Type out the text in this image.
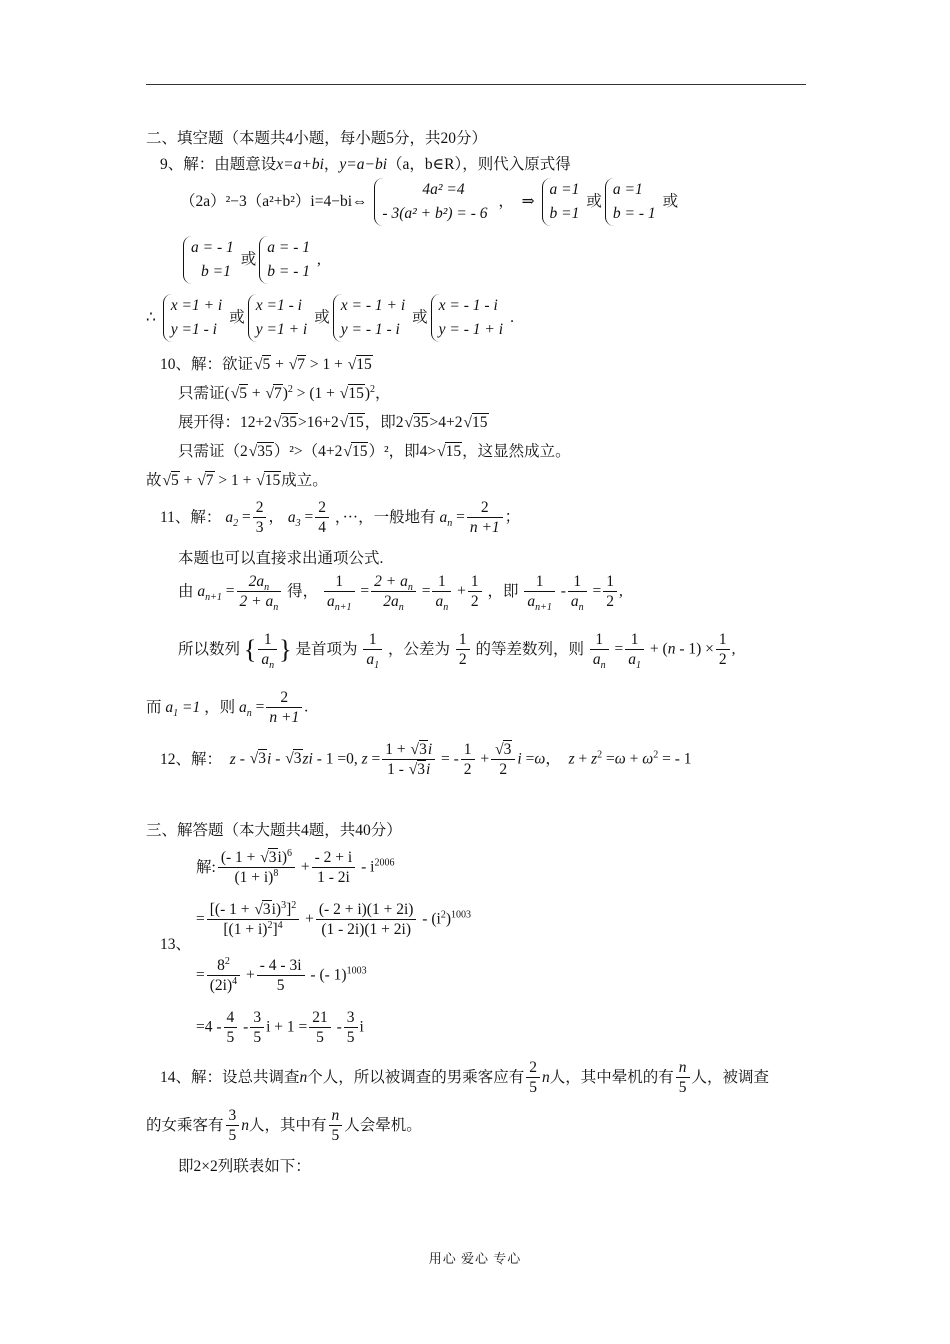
二、填空题（本题共4小题，每小题5分，共20分）
9、解：由题意设x=a+bi，y=a−bi（a，b∈R），则代入原式得
（2a）²−3（a²+b²）i=4−bi⇔
4a² =4
- 3(a² + b²) = - 6
，  ⇒
a =1
b =1
或
a =1
b = - 1
或
a = - 1
b =1
或
a = - 1
b = - 1
,
∴
x =1 + i
y =1 - i
或
x =1 - i
y =1 + i
或
x = - 1 + i
y = - 1 - i
或
x = - 1 - i
y = - 1 + i
.
10、解：欲证 √ 5 + √ 7 > 1 + √ 15
只需证( √ 5 + √ 7)$^2$ > (1 + √ 15)$^2$，
展开得：12+2 √ 35>16+2 √ 15，即2 √ 35>4+2 √ 15
只需证（2 √ 35）²>（4+2 √ 15）²，即4> √ 15，这显然成立。
故 √ 5 + √ 7 > 1 + √ 15成立。
11、解： $a_2 = \frac{2}{3}$ ， $a_3 = \frac{2}{4}$ ，···，一般地有 $a_n = \frac{2}{n +1}$ ；
本题也可以直接求出通项公式.
由 $a_{n+1} = \frac{2a_n}{2 + a_n}$ 得， $\frac{1}{a_{n+1}} = \frac{2 + a_n}{2a_n} = \frac{1}{a_n} + \frac{1}{2}$ ，即 $\frac{1}{a_{n+1}} - \frac{1}{a_n} = \frac{1}{2}$ ,
所以数列 { $\frac{1}{a_n}$ } 是首项为 $\frac{1}{a_1}$ ，公差为 $\frac{1}{2}$ 的等差数列，则 $\frac{1}{a_n} = \frac{1}{a_1} + (n - 1) \times \frac{1}{2}$ ,
而 $a_1 =1$ ，则 $a_n = \frac{2}{n +1}$ .
12、解： z - √ 3i - √ 3zi - 1 =0, $z = \frac{1 + √ 3i}{1 - √ 3i}$ = - $\frac{1}{2}$ + √ $\frac{3}{2}$ i =ω，  $z + z^2 =\omega + \omega^2$ = - 1
三、解答题（本大题共4题，共40分）
解: $\frac{(- 1 + √ 3i)^6}{(1 + i)^8} + \frac{- 2 + i}{1 - 2i} - i^{2006}$
= $\frac{[(- 1 + √ 3i)^3]^2}{[(1 + i)^2]^4} + \frac{(- 2 + i)(1 + 2i)}{(1 - 2i)(1 + 2i)} - (i^2)^{1003}$
13、
= $\frac{8^2}{(2i)^4} + \frac{- 4 - 3i}{5}$ - (- 1)$^{1003}$
$=4 - \frac{4}{5} - \frac{3}{5}$ $i + 1 = \frac{21}{5} - \frac{3}{5}$ i
14、解：设总共调查n个人，所以被调查的男乘客应有 $\frac{2}{5}$ n人，其中晕机的有 $\frac{n}{5}$ 人，被调查
的女乘客有 $\frac{3}{5}$ n人，其中有 $\frac{n}{5}$ 人会晕机。
即2×2列联表如下：
用心 爱心 专心
